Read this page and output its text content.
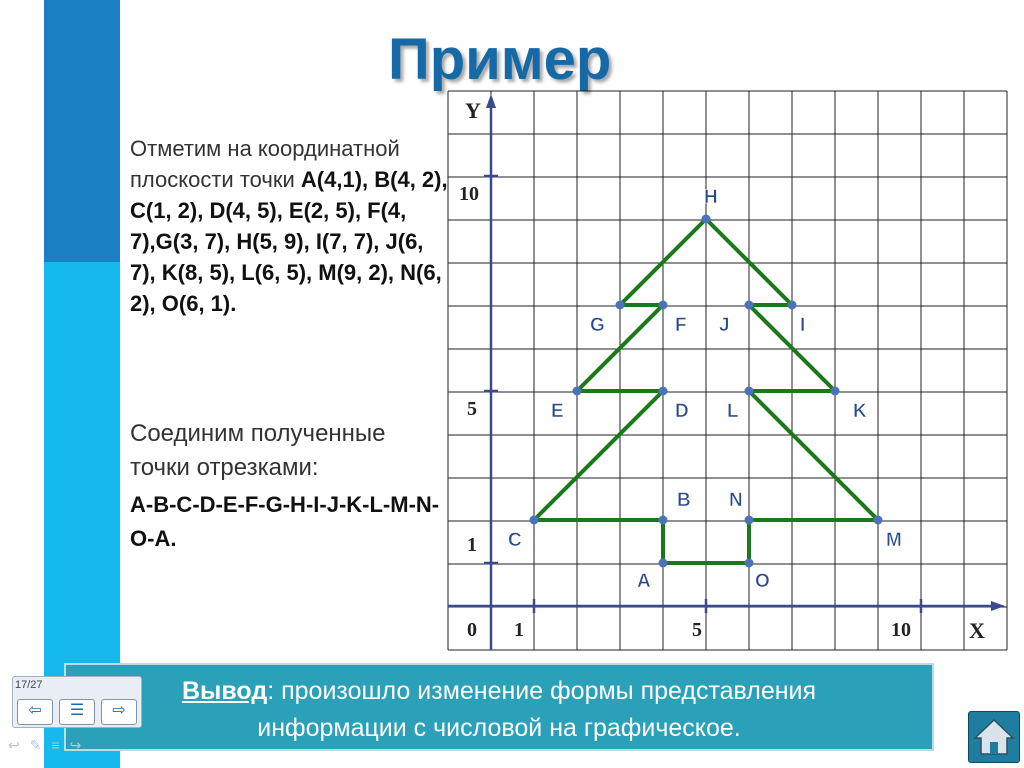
Пример
Отметим на координатной плоскости точки A(4,1), B(4, 2), C(1, 2), D(4, 5), E(2, 5), F(4, 7),G(3, 7), H(5, 9), I(7, 7), J(6, 7), K(8, 5), L(6, 5), M(9, 2), N(6, 2), O(6, 1).
Соединим полученные точки отрезками:
A-B-C-D-E-F-G-H-I-J-K-L-M-N-O-A.
0 1	5	10
1
5
10
X
Y
A
B
C
D
E
F
G
H
I
J
K
L
M
N
O
Вывод: произошло изменение формы представления
информации с числовой на графическое.
17/27
⇦	☰	⇨
↩✎≡↪
